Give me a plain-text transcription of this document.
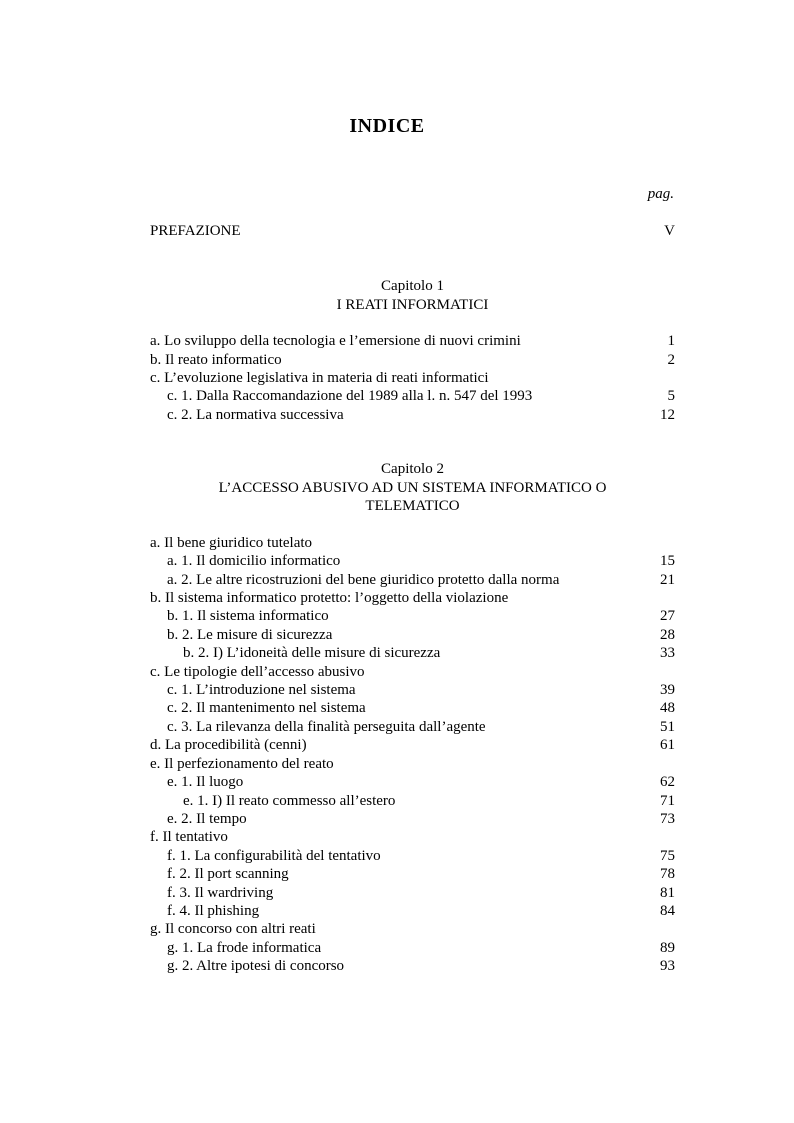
INDICE
pag.
PREFAZIONE	V
Capitolo 1
I REATI INFORMATICI
a. Lo sviluppo della tecnologia e l’emersione di nuovi crimini	1
b. Il reato informatico	2
c. L’evoluzione legislativa in materia di reati informatici
c. 1. Dalla Raccomandazione del 1989 alla l. n. 547 del 1993	5
c. 2. La normativa successiva	12
Capitolo 2
L’ACCESSO ABUSIVO AD UN SISTEMA INFORMATICO O
TELEMATICO
a. Il bene giuridico tutelato
a. 1. Il domicilio informatico	15
a. 2. Le altre ricostruzioni del bene giuridico protetto dalla norma	21
b. Il sistema informatico protetto: l’oggetto della violazione
b. 1. Il sistema informatico	27
b. 2. Le misure di sicurezza	28
b. 2. I) L’idoneità delle misure di sicurezza	33
c. Le tipologie dell’accesso abusivo
c. 1. L’introduzione nel sistema	39
c. 2. Il mantenimento nel sistema	48
c. 3. La rilevanza della finalità perseguita dall’agente	51
d. La procedibilità (cenni)	61
e. Il perfezionamento del reato
e. 1. Il luogo	62
e. 1. I) Il reato commesso all’estero	71
e. 2. Il tempo	73
f. Il tentativo
f. 1. La configurabilità del tentativo	75
f. 2. Il port scanning	78
f. 3. Il wardriving	81
f. 4. Il phishing	84
g. Il concorso con altri reati
g. 1. La frode informatica	89
g. 2. Altre ipotesi di concorso	93
